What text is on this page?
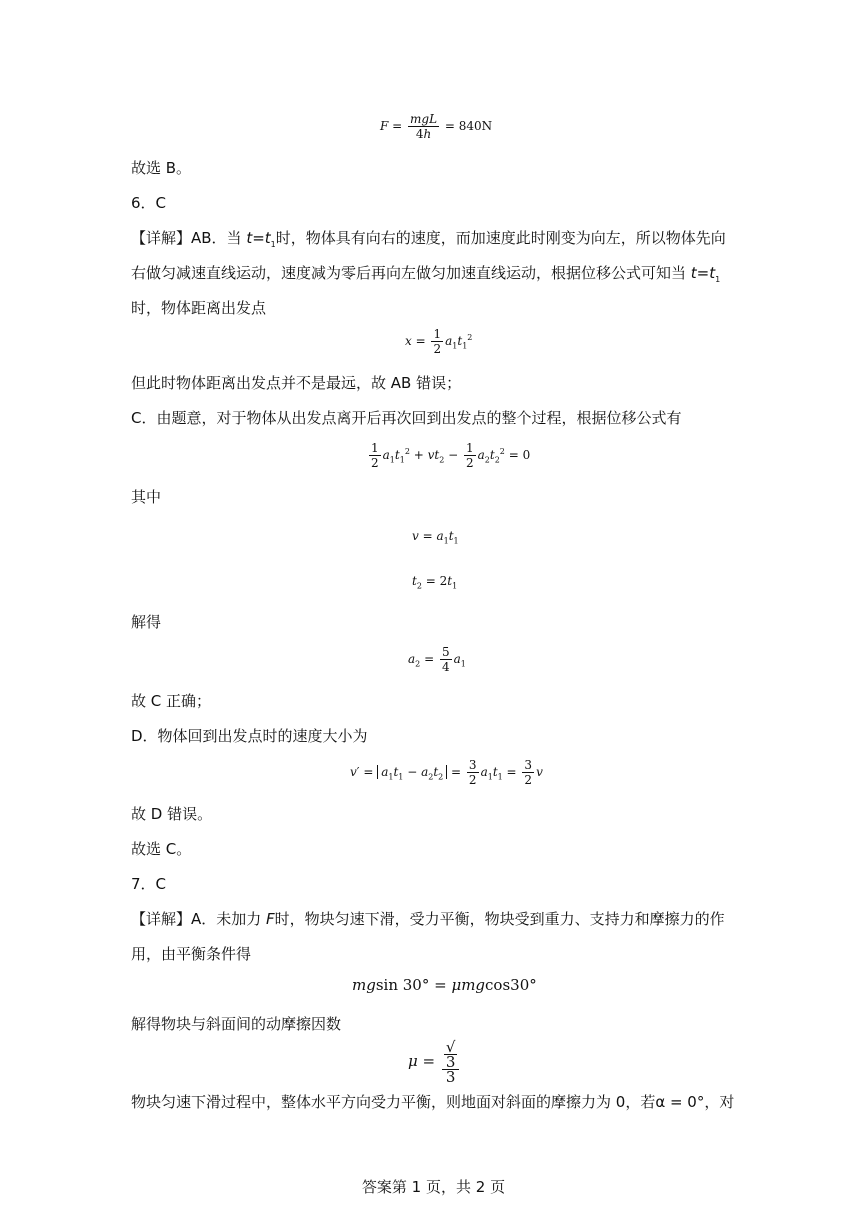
$F = \frac{\text{mgL}}{4h} = 840N$
故选 B。
6．C
【详解】AB．当 $t=t_1$时，物体具有向右的速度，而加速度此时刚变为向左，所以物体先向
右做匀减速直线运动，速度减为零后再向左做匀加速直线运动，根据位移公式可知当 $t=t_1$
时，物体距离出发点
$x = \frac{1}{2} a_1t_1^2$
但此时物体距离出发点并不是最远，故 AB 错误；
C．由题意，对于物体从出发点离开后再次回到出发点的整个过程，根据位移公式有
$\frac{1}{2} a_1t_1^2 + vt_2 - \frac{1}{2} a_2t_2^2 = 0$
其中
$v = a_1t_1$
$t_2 = 2t_1$
解得
$a_2 = \frac{5}{4} a_1$
故 C 正确；
D．物体回到出发点时的速度大小为
$v' = a_1t_1 - a_2t_2 = \frac{3}{2} a_1t_1 = \frac{3}{2}$ v
故 D 错误。
故选 C。
7．C
【详解】A．未加力 F时，物块匀速下滑，受力平衡，物块受到重力、支持力和摩擦力的作
用，由平衡条件得
mgsin 30° = μmgcos30°
解得物块与斜面间的动摩擦因数
μ = √
3
3
物块匀速下滑过程中，整体水平方向受力平衡，则地面对斜面的摩擦力为 0，若α = 0°，对
答案第 1 页，共 2 页
